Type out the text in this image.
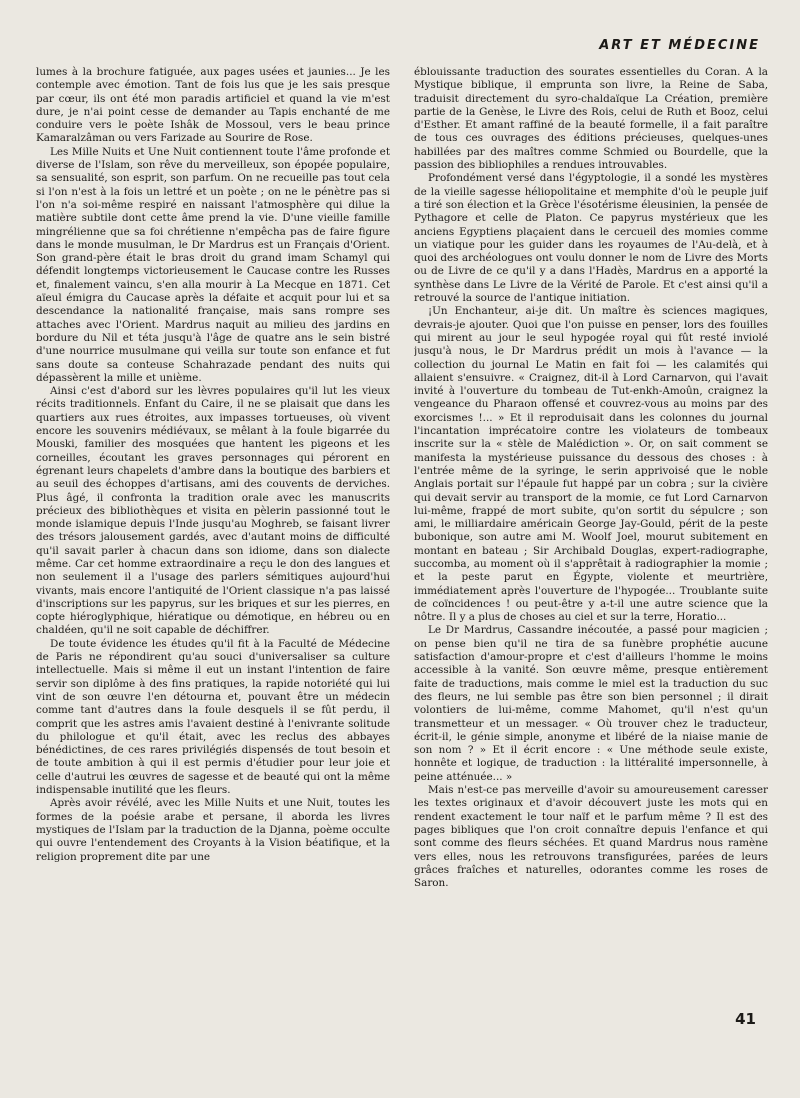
ART ET MÉDECINE

lumes à la brochure fatiguée, aux pages usées et jaunies... Je les contemple avec émotion. Tant de fois lus que je les sais presque par cœur, ils ont été mon paradis artificiel et quand la vie m'est dure, je n'ai point cesse de demander au Tapis enchanté de me conduire vers le poète Ishâk de Mossoul, vers le beau prince Kamaralzâman ou vers Farizade au Sourire de Rose.

Les Mille Nuits et Une Nuit contiennent toute l'âme profonde et diverse de l'Islam, son rêve du merveilleux, son épopée populaire, sa sensualité, son esprit, son parfum. On ne recueille pas tout cela si l'on n'est à la fois un lettré et un poète ; on ne le pénètre pas si l'on n'a soi-même respiré en naissant l'atmosphère qui dilue la matière subtile dont cette âme prend la vie. D'une vieille famille mingrélienne que sa foi chrétienne n'empêcha pas de faire figure dans le monde musulman, le Dr Mardrus est un Français d'Orient. Son grand-père était le bras droit du grand imam Schamyl qui défendit longtemps victorieusement le Caucase contre les Russes et, finalement vaincu, s'en alla mourir à La Mecque en 1871. Cet aïeul émigra du Caucase après la défaite et acquit pour lui et sa descendance la nationalité française, mais sans rompre ses attaches avec l'Orient. Mardrus naquit au milieu des jardins en bordure du Nil et téta jusqu'à l'âge de quatre ans le sein bistré d'une nourrice musulmane qui veilla sur toute son enfance et fut sans doute sa conteuse Schahrazade pendant des nuits qui dépassèrent la mille et unième.

Ainsi c'est d'abord sur les lèvres populaires qu'il lut les vieux récits traditionnels. Enfant du Caire, il ne se plaisait que dans les quartiers aux rues étroites, aux impasses tortueuses, où vivent encore les souvenirs médiévaux, se mêlant à la foule bigarrée du Mouski, familier des mosquées que hantent les pigeons et les corneilles, écoutant les graves personnages qui pérorent en égrenant leurs chapelets d'ambre dans la boutique des barbiers et au seuil des échoppes d'artisans, ami des couvents de derviches. Plus âgé, il confronta la tradition orale avec les manuscrits précieux des bibliothèques et visita en pèlerin passionné tout le monde islamique depuis l'Inde jusqu'au Moghreb, se faisant livrer des trésors jalousement gardés, avec d'autant moins de difficulté qu'il savait parler à chacun dans son idiome, dans son dialecte même. Car cet homme extraordinaire a reçu le don des langues et non seulement il a l'usage des parlers sémitiques aujourd'hui vivants, mais encore l'antiquité de l'Orient classique n'a pas laissé d'inscriptions sur les papyrus, sur les briques et sur les pierres, en copte hiéroglyphique, hiératique ou démotique, en hébreu ou en chaldéen, qu'il ne soit capable de déchiffrer.

De toute évidence les études qu'il fit à la Faculté de Médecine de Paris ne répondirent qu'au souci d'universaliser sa culture intellectuelle. Mais si même il eut un instant l'intention de faire servir son diplôme à des fins pratiques, la rapide notoriété qui lui vint de son œuvre l'en détourna et, pouvant être un médecin comme tant d'autres dans la foule desquels il se fût perdu, il comprit que les astres amis l'avaient destiné à l'enivrante solitude du philologue et qu'il était, avec les reclus des abbayes bénédictines, de ces rares privilégiés dispensés de tout besoin et de toute ambition à qui il est permis d'étudier pour leur joie et celle d'autrui les œuvres de sagesse et de beauté qui ont la même indispensable inutilité que les fleurs.

Après avoir révélé, avec les Mille Nuits et une Nuit, toutes les formes de la poésie arabe et persane, il aborda les livres mystiques de l'Islam par la traduction de la Djanna, poème occulte qui ouvre l'entendement des Croyants à la Vision béatifique, et la religion proprement dite par une

éblouissante traduction des sourates essentielles du Coran. A la Mystique biblique, il emprunta son livre, la Reine de Saba, traduisit directement du syro-chaldaïque La Création, première partie de la Genèse, le Livre des Rois, celui de Ruth et Booz, celui d'Esther. Et amant raffiné de la beauté formelle, il a fait paraître de tous ces ouvrages des éditions précieuses, quelques-unes habillées par des maîtres comme Schmied ou Bourdelle, que la passion des bibliophiles a rendues introuvables.

Profondément versé dans l'égyptologie, il a sondé les mystères de la vieille sagesse héliopolitaine et memphite d'où le peuple juif a tiré son élection et la Grèce l'ésotérisme éleusinien, la pensée de Pythagore et celle de Platon. Ce papyrus mystérieux que les anciens Egyptiens plaçaient dans le cercueil des momies comme un viatique pour les guider dans les royaumes de l'Au-delà, et à quoi des archéologues ont voulu donner le nom de Livre des Morts ou de Livre de ce qu'il y a dans l'Hadès, Mardrus en a apporté la synthèse dans Le Livre de la Vérité de Parole. Et c'est ainsi qu'il a retrouvé la source de l'antique initiation.

¡Un Enchanteur, ai-je dit. Un maître ès sciences magiques, devrais-je ajouter. Quoi que l'on puisse en penser, lors des fouilles qui mirent au jour le seul hypogée royal qui fût resté inviolé jusqu'à nous, le Dr Mardrus prédit un mois à l'avance — la collection du journal Le Matin en fait foi — les calamités qui allaient s'ensuivre. « Craignez, dit-il à Lord Carnarvon, qui l'avait invité à l'ouverture du tombeau de Tut-enkh-Amoûn, craignez la vengeance du Pharaon offensé et couvrez-vous au moins par des exorcismes !... » Et il reproduisait dans les colonnes du journal l'incantation imprécatoire contre les violateurs de tombeaux inscrite sur la « stèle de Malédiction ». Or, on sait comment se manifesta la mystérieuse puissance du dessous des choses : à l'entrée même de la syringe, le serin apprivoisé que le noble Anglais portait sur l'épaule fut happé par un cobra ; sur la civière qui devait servir au transport de la momie, ce fut Lord Carnarvon lui-même, frappé de mort subite, qu'on sortit du sépulcre ; son ami, le milliardaire américain George Jay-Gould, périt de la peste bubonique, son autre ami M. Woolf Joel, mourut subitement en montant en bateau ; Sir Archibald Douglas, expert-radiographe, succomba, au moment où il s'apprêtait à radiographier la momie ; et la peste parut en Égypte, violente et meurtrière, immédiatement après l'ouverture de l'hypogée... Troublante suite de coïncidences ! ou peut-être y a-t-il une autre science que la nôtre. Il y a plus de choses au ciel et sur la terre, Horatio...

Le Dr Mardrus, Cassandre inécoutée, a passé pour magicien ; on pense bien qu'il ne tira de sa funèbre prophétie aucune satisfaction d'amour-propre et c'est d'ailleurs l'homme le moins accessible à la vanité. Son œuvre même, presque entièrement faite de traductions, mais comme le miel est la traduction du suc des fleurs, ne lui semble pas être son bien personnel ; il dirait volontiers de lui-même, comme Mahomet, qu'il n'est qu'un transmetteur et un messager. « Où trouver chez le traducteur, écrit-il, le génie simple, anonyme et libéré de la niaise manie de son nom ? » Et il écrit encore : « Une méthode seule existe, honnête et logique, de traduction : la littéralité impersonnelle, à peine atténuée... »

Mais n'est-ce pas merveille d'avoir su amoureusement caresser les textes originaux et d'avoir découvert juste les mots qui en rendent exactement le tour naïf et le parfum même ? Il est des pages bibliques que l'on croit connaître depuis l'enfance et qui sont comme des fleurs séchées. Et quand Mardrus nous ramène vers elles, nous les retrouvons transfigurées, parées de leurs grâces fraîches et naturelles, odorantes comme les roses de Saron.

41
